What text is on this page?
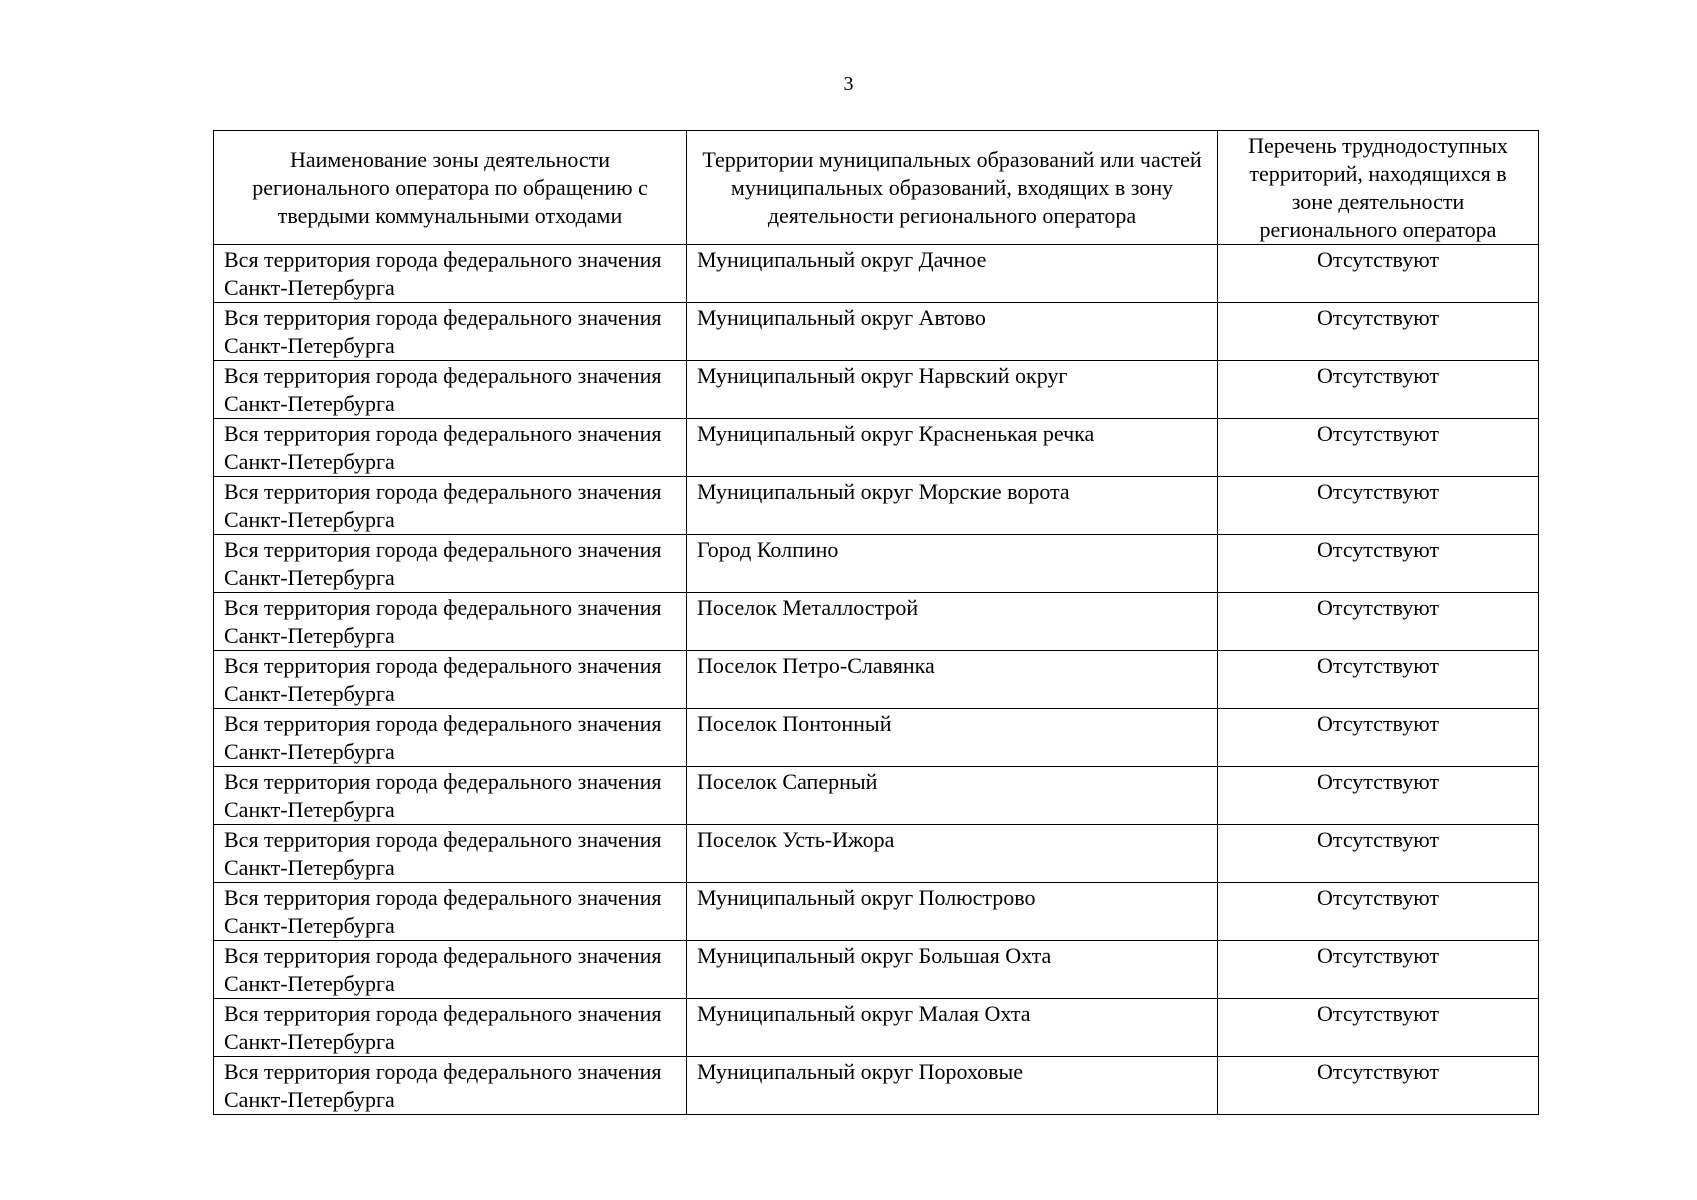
3
Наименование зоны деятельности регионального оператора по обращению с твердыми коммунальными отходами	Территории муниципальных образований или частей муниципальных образований, входящих в зону деятельности регионального оператора	Перечень труднодоступных территорий, находящихся в зоне деятельности регионального оператора
Вся территория города федерального значения Санкт-Петербурга	Муниципальный округ Дачное	Отсутствуют
Вся территория города федерального значения Санкт-Петербурга	Муниципальный округ Автово	Отсутствуют
Вся территория города федерального значения Санкт-Петербурга	Муниципальный округ Нарвский округ	Отсутствуют
Вся территория города федерального значения Санкт-Петербурга	Муниципальный округ Красненькая речка	Отсутствуют
Вся территория города федерального значения Санкт-Петербурга	Муниципальный округ Морские ворота	Отсутствуют
Вся территория города федерального значения Санкт-Петербурга	Город Колпино	Отсутствуют
Вся территория города федерального значения Санкт-Петербурга	Поселок Металлострой	Отсутствуют
Вся территория города федерального значения Санкт-Петербурга	Поселок Петро-Славянка	Отсутствуют
Вся территория города федерального значения Санкт-Петербурга	Поселок Понтонный	Отсутствуют
Вся территория города федерального значения Санкт-Петербурга	Поселок Саперный	Отсутствуют
Вся территория города федерального значения Санкт-Петербурга	Поселок Усть-Ижора	Отсутствуют
Вся территория города федерального значения Санкт-Петербурга	Муниципальный округ Полюстрово	Отсутствуют
Вся территория города федерального значения Санкт-Петербурга	Муниципальный округ Большая Охта	Отсутствуют
Вся территория города федерального значения Санкт-Петербурга	Муниципальный округ Малая Охта	Отсутствуют
Вся территория города федерального значения Санкт-Петербурга	Муниципальный округ Пороховые	Отсутствуют
